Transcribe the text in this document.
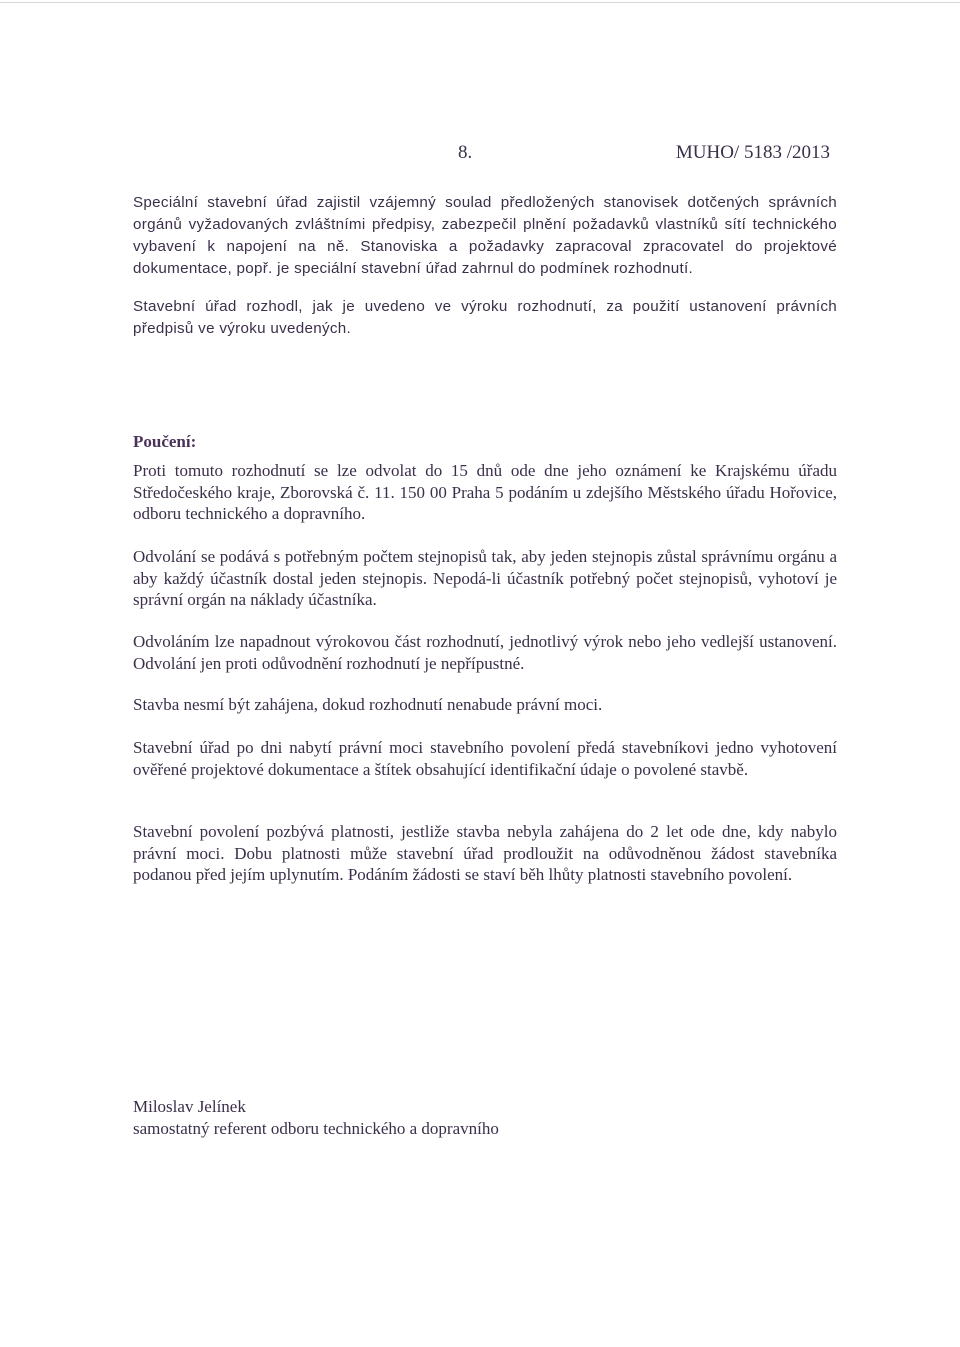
8.	MUHO/ 5183 /2013

Speciální stavební úřad zajistil vzájemný soulad předložených stanovisek dotčených správních orgánů vyžadovaných zvláštními předpisy, zabezpečil plnění požadavků vlastníků sítí technického vybavení k napojení na ně. Stanoviska a požadavky zapracoval zpracovatel do projektové dokumentace, popř. je speciální stavební úřad zahrnul do podmínek rozhodnutí.

Stavební úřad rozhodl, jak je uvedeno ve výroku rozhodnutí, za použití ustanovení právních předpisů ve výroku uvedených.

Poučení:

Proti tomuto rozhodnutí se lze odvolat do 15 dnů ode dne jeho oznámení ke Krajskému úřadu Středočeského kraje, Zborovská č. 11. 150 00 Praha 5 podáním u zdejšího Městského úřadu Hořovice, odboru technického a dopravního.

Odvolání se podává s potřebným počtem stejnopisů tak, aby jeden stejnopis zůstal správnímu orgánu a aby každý účastník dostal jeden stejnopis. Nepodá-li účastník potřebný počet stejnopisů, vyhotoví je správní orgán na náklady účastníka.

Odvoláním lze napadnout výrokovou část rozhodnutí, jednotlivý výrok nebo jeho vedlejší ustanovení. Odvolání jen proti odůvodnění rozhodnutí je nepřípustné.

Stavba nesmí být zahájena, dokud rozhodnutí nenabude právní moci.

Stavební úřad po dni nabytí právní moci stavebního povolení předá stavebníkovi jedno vyhotovení ověřené projektové dokumentace a štítek obsahující identifikační údaje o povolené stavbě.

Stavební povolení pozbývá platnosti, jestliže stavba nebyla zahájena do 2 let ode dne, kdy nabylo právní moci. Dobu platnosti může stavební úřad prodloužit na odůvodněnou žádost stavebníka podanou před jejím uplynutím. Podáním žádosti se staví běh lhůty platnosti stavebního povolení.

Miloslav Jelínek
samostatný referent odboru technického a dopravního
